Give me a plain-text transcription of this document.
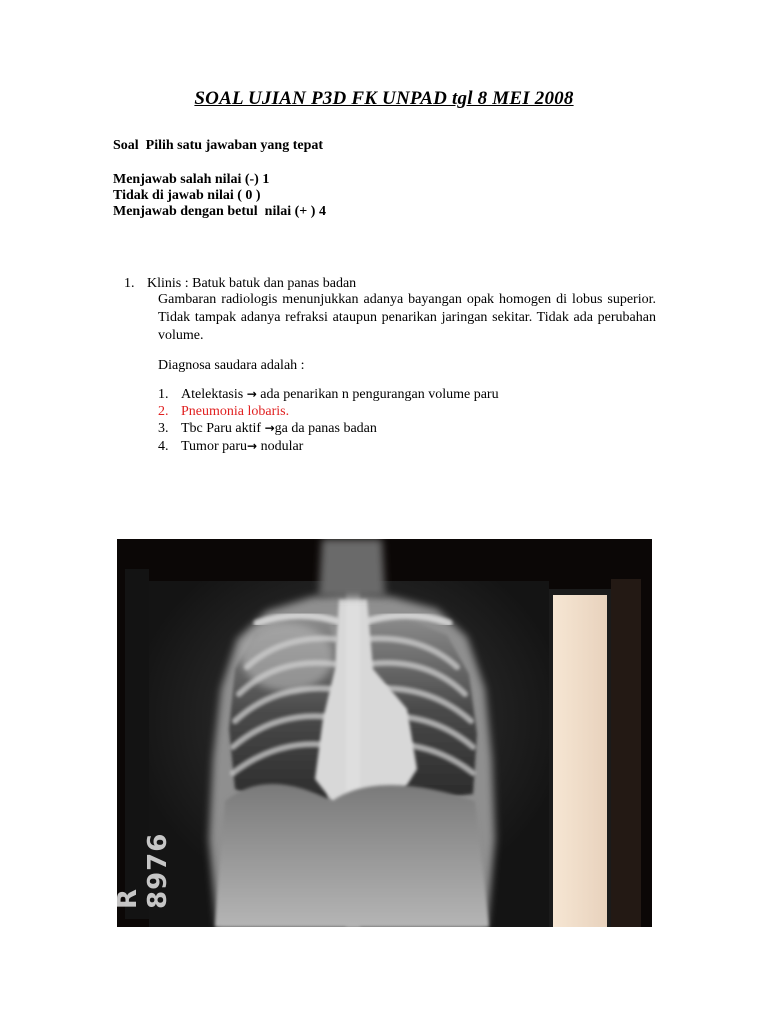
SOAL UJIAN P3D FK UNPAD tgl 8 MEI 2008
Soal  Pilih satu jawaban yang tepat
Menjawab salah nilai (-) 1
Tidak di jawab nilai ( 0 )
Menjawab dengan betul  nilai (+ ) 4
1. Klinis : Batuk batuk dan panas badan
Gambaran radiologis menunjukkan adanya bayangan opak homogen di lobus superior. Tidak tampak adanya refraksi ataupun penarikan jaringan sekitar. Tidak ada perubahan volume.
Diagnosa saudara adalah :
1. Atelektasis → ada penarikan n pengurangan volume paru
2. Pneumonia lobaris.
3. Tbc Paru aktif →ga da panas badan
4. Tumor paru→ nodular
R 8976
